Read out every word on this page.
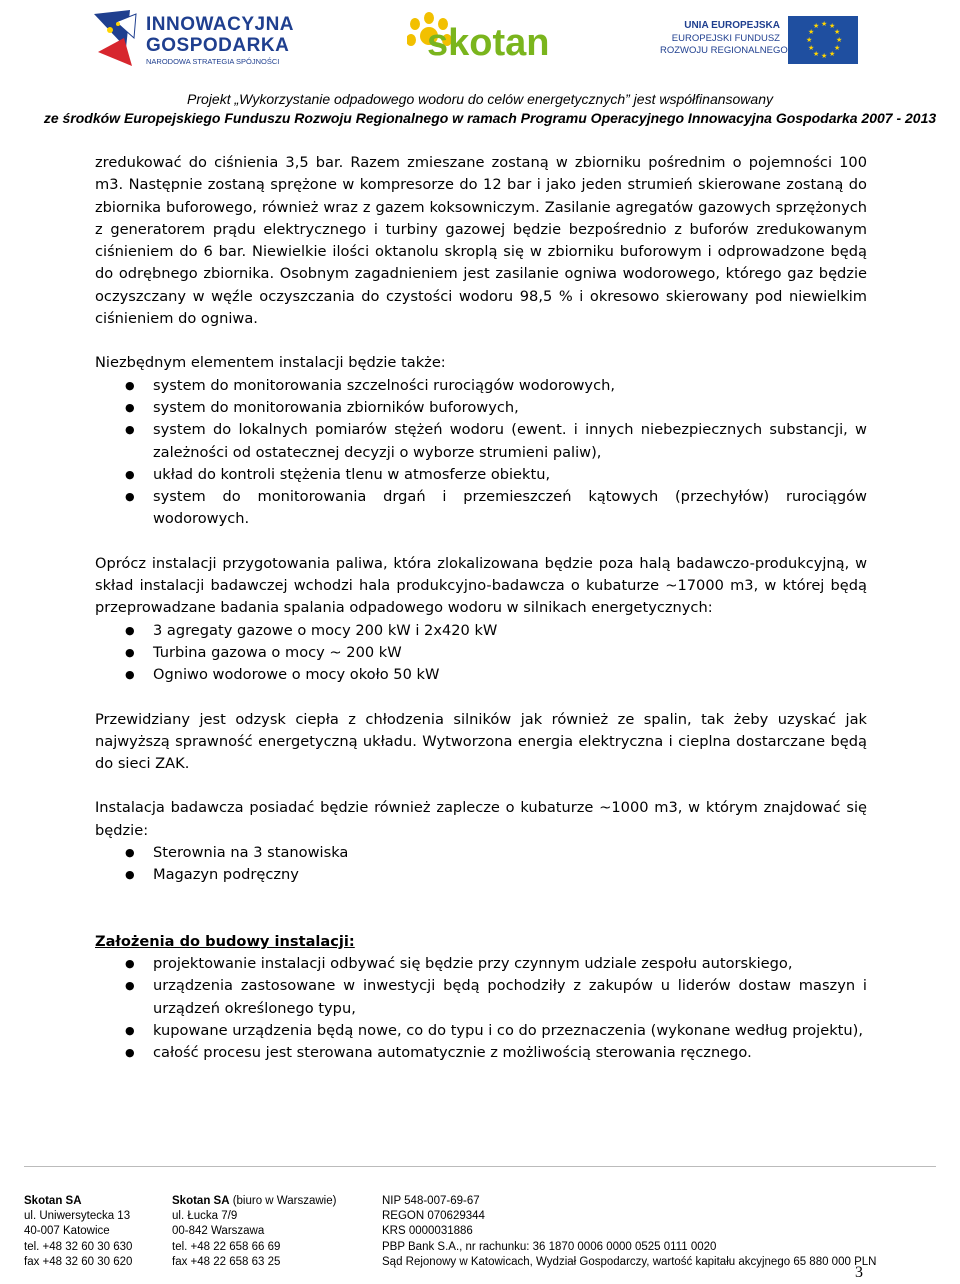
INNOWACYJNA
GOSPODARKA
NARODOWA STRATEGIA SPÓJNOŚCI	skotan	UNIA EUROPEJSKA
EUROPEJSKI FUNDUSZ
ROZWOJU REGIONALNEGO
★ ★
★
★
★
★
★
★
★
★
★
★
Projekt „Wykorzystanie odpadowego wodoru do celów energetycznych” jest współfinansowany
ze środków Europejskiego Funduszu Rozwoju Regionalnego w ramach Programu Operacyjnego Innowacyjna Gospodarka 2007 - 2013

zredukować do ciśnienia 3,5 bar. Razem zmieszane zostaną w zbiorniku pośrednim o pojemności 100 m3. Następnie zostaną sprężone w kompresorze do 12 bar i jako jeden strumień skierowane zostaną do zbiornika buforowego, również wraz z gazem koksowniczym. Zasilanie agregatów gazowych sprzężonych z generatorem prądu elektrycznego i turbiny gazowej będzie bezpośrednio z buforów zredukowanym ciśnieniem do 6 bar. Niewielkie ilości oktanolu skroplą się w zbiorniku buforowym i odprowadzone będą do odrębnego zbiornika. Osobnym zagadnieniem jest zasilanie ogniwa wodorowego, którego gaz będzie oczyszczany w węźle oczyszczania do czystości wodoru 98,5 % i okresowo skierowany pod niewielkim ciśnieniem do ogniwa.

Niezbędnym elementem instalacji będzie także:

● system do monitorowania szczelności rurociągów wodorowych,
● system do monitorowania zbiorników buforowych,
● system do lokalnych pomiarów stężeń wodoru (ewent. i innych niebezpiecznych substancji, w zależności od ostatecznej decyzji o wyborze strumieni paliw),
● układ do kontroli stężenia tlenu w atmosferze obiektu,
● system do monitorowania drgań i przemieszczeń kątowych (przechyłów) rurociągów wodorowych.

Oprócz instalacji przygotowania paliwa, która zlokalizowana będzie poza halą badawczo-produkcyjną, w skład instalacji badawczej wchodzi hala produkcyjno-badawcza o kubaturze ~17000 m3, w której będą przeprowadzane badania spalania odpadowego wodoru w silnikach energetycznych:

● 3 agregaty gazowe o mocy 200 kW i 2x420 kW
● Turbina gazowa o mocy ~ 200 kW
● Ogniwo wodorowe o mocy około 50 kW

Przewidziany jest odzysk ciepła z chłodzenia silników jak również ze spalin, tak żeby uzyskać jak najwyższą sprawność energetyczną układu. Wytworzona energia elektryczna i cieplna dostarczane będą do sieci ZAK.

Instalacja badawcza posiadać będzie również zaplecze o kubaturze ~1000 m3, w którym znajdować się będzie:

● Sterownia na 3 stanowiska
● Magazyn podręczny

Założenia do budowy instalacji:

● projektowanie instalacji odbywać się będzie przy czynnym udziale zespołu autorskiego,
● urządzenia zastosowane w inwestycji będą pochodziły z zakupów u liderów dostaw maszyn i urządzeń określonego typu,
● kupowane urządzenia będą nowe, co do typu i co do przeznaczenia (wykonane według projektu),
● całość procesu jest sterowana automatycznie z możliwością sterowania ręcznego.
Skotan SA
ul. Uniwersytecka 13
40-007 Katowice
tel. +48 32 60 30 630
fax +48 32 60 30 620
Skotan SA (biuro w Warszawie)
ul. Łucka 7/9
00-842 Warszawa
tel. +48 22 658 66 69
fax +48 22 658 63 25
NIP 548-007-69-67
REGON 070629344
KRS 0000031886
PBP Bank S.A., nr rachunku: 36 1870 0006 0000 0525 0111 0020
Sąd Rejonowy w Katowicach, Wydział Gospodarczy, wartość kapitału akcyjnego 65 880 000 PLN
3
